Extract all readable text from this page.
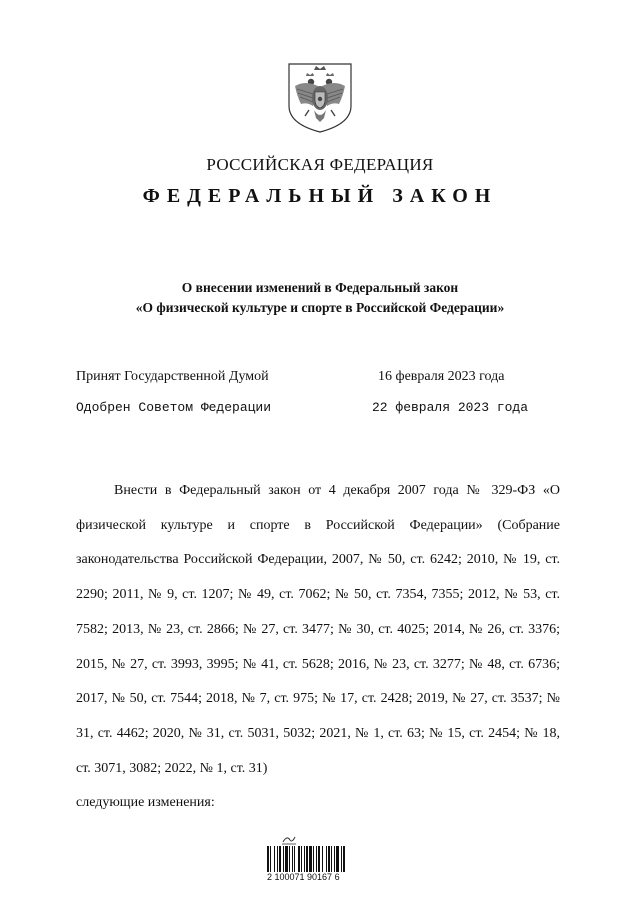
РОССИЙСКАЯ ФЕДЕРАЦИЯ
ФЕДЕРАЛЬНЫЙ ЗАКОН
О внесении изменений в Федеральный закон
«О физической культуре и спорте в Российской Федерации»
Принят Государственной Думой	16 февраля 2023 года
Одобрен Советом Федерации	22 февраля 2023 года
Внести в Федеральный закон от 4 декабря 2007 года № 329-ФЗ «О физической культуре и спорте в Российской Федерации» (Собрание законодательства Российской Федерации, 2007, № 50, ст. 6242; 2010, № 19, ст. 2290; 2011, № 9, ст. 1207; № 49, ст. 7062; № 50, ст. 7354, 7355; 2012, № 53, ст. 7582; 2013, № 23, ст. 2866; № 27, ст. 3477; № 30, ст. 4025; 2014, № 26, ст. 3376; 2015, № 27, ст. 3993, 3995; № 41, ст. 5628; 2016, № 23, ст. 3277; № 48, ст. 6736; 2017, № 50, ст. 7544; 2018, № 7, ст. 975; № 17, ст. 2428; 2019, № 27, ст. 3537; № 31, ст. 4462; 2020, № 31, ст. 5031, 5032; 2021, № 1, ст. 63; № 15, ст. 2454; № 18, ст. 3071, 3082; 2022, № 1, ст. 31)
следующие изменения:
2 100071 90167 6
